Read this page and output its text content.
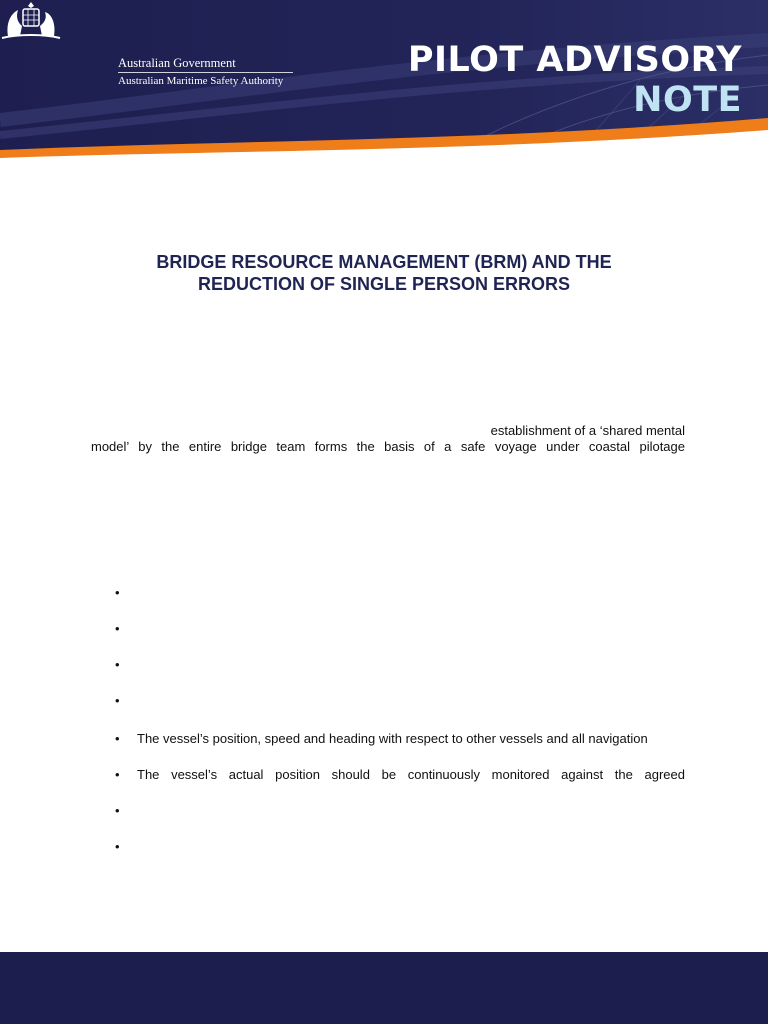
Australian Government
Australian Maritime Safety Authority
PILOT ADVISORY
NOTE
BRIDGE RESOURCE MANAGEMENT (BRM) AND THE
REDUCTION OF SINGLE PERSON ERRORS
establishment of a ‘shared mental
model’ by the entire bridge team forms the basis of a safe voyage under coastal pilotage
•
•
•
•
•	The vessel’s position, speed and heading with respect to other vessels and all navigation
•	The vessel’s actual position should be continuously monitored against the agreed
•
•
